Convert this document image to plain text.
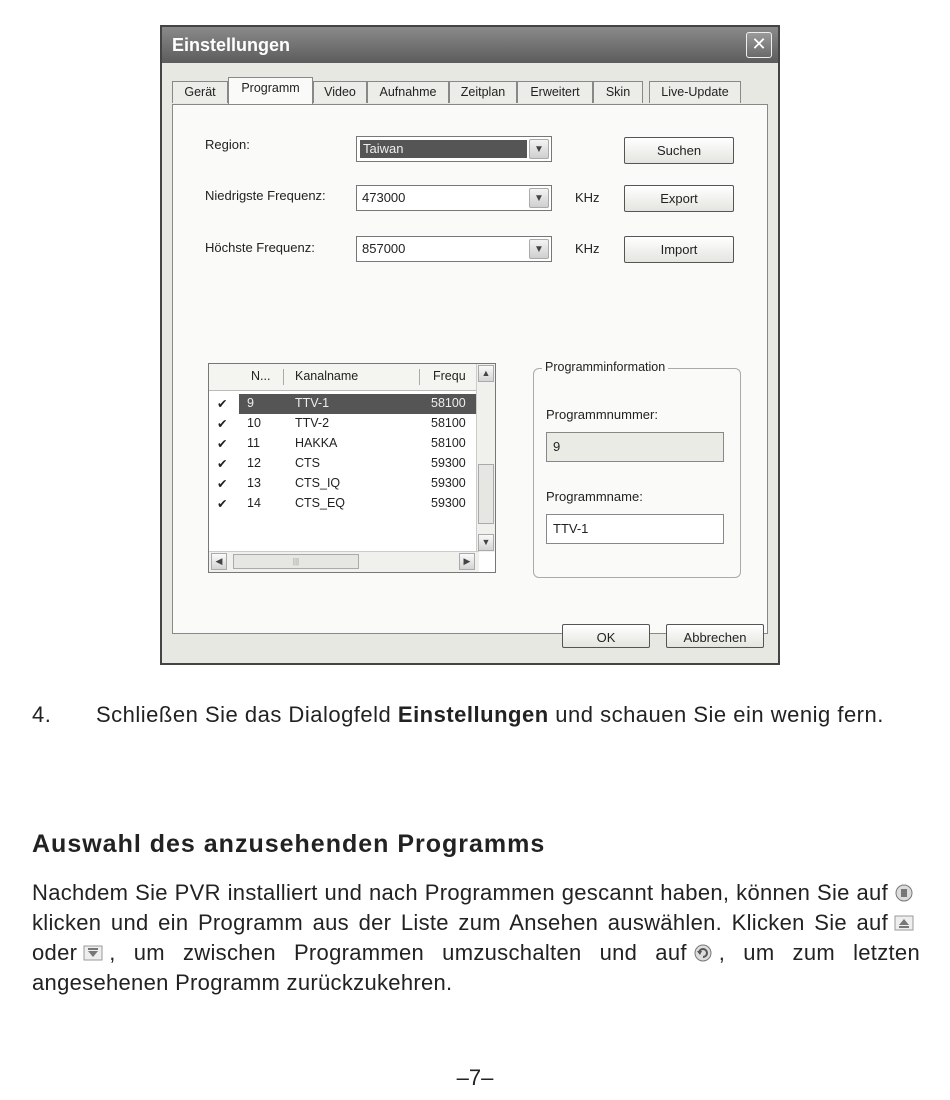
Einstellungen	✕
Gerät	Programm	Video	Aufnahme	Zeitplan	Erweitert	Skin	Live-Update
Region:	Taiwan	▼	Suchen
Niedrigste Frequenz:	473000	▼	KHz	Export
Höchste Frequenz:	857000	▼	KHz	Import
N... Kanalname	Frequ
✔ 9	TTV-1	58100
✔ 10	TTV-2	58100
✔ 11	HAKKA	58100
✔ 12	CTS	59300
✔ 13	CTS_IQ	59300
✔ 14	CTS_EQ	59300
▲
▼
◀	|||	▶
Programminformation
Programmnummer:
9
Programmname:
TTV-1
OK	Abbrechen
4. Schließen Sie das Dialogfeld Einstellungen und schauen Sie ein wenig fern.
Auswahl des anzusehenden Programms
Nachdem Sie PVR installiert und nach Programmen gescannt haben, können Sie aufklicken und ein Programm aus der Liste zum Ansehen auswählen. Klicken Sie aufoder , um zwischen Programmen umzuschalten und auf , um zum letzten angesehenen Programm zurückzukehren.
–7–
